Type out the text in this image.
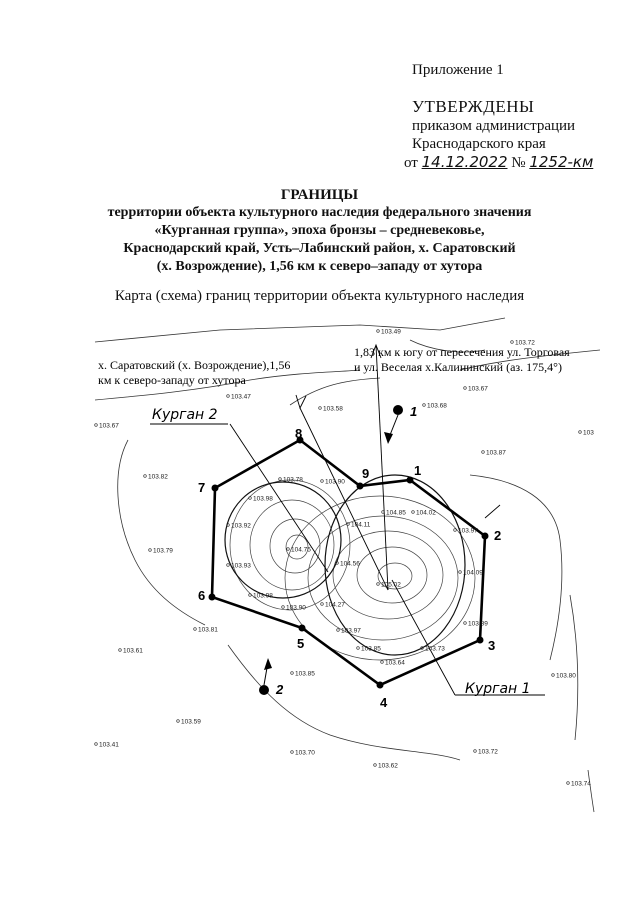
Приложение 1
УТВЕРЖДЕНЫ
приказом администрации
Краснодарского края
от 14.12.2022 № 1252-км
ГРАНИЦЫ
территории объекта культурного наследия федерального значения
«Курганная группа», эпоха бронзы – средневековье,
Краснодарский край, Усть–Лабинский район, х. Саратовский
(х. Возрождение), 1,56 км к северо–западу от хутора
Карта (схема) границ территории объекта культурного наследия
1
2
3
4
5
6
7
8
9
1
2
х. Саратовский (х. Возрождение),1,56
км к северо-западу от хутора
1,83 км к югу от пересечения ул. Торговая
и ул. Веселая х.Калининский (аз. 175,4°)
Курган 2
Курган 1
103.49
103.72
103.47
103.58	103.68
103.67
103.67
103
103.87
103.82	103.78	103.90
103.98
103.92
104.75
104.11
104.85 104.02
103.97
103.79
103.93	104.56
105.02
104.09
103.98
103.90	104.27
103.97
103.89
103.81
103.61	103.85	103.73
103.64
103.85	103.80
103.59
103.41
103.70
103.62
103.72
103.74
